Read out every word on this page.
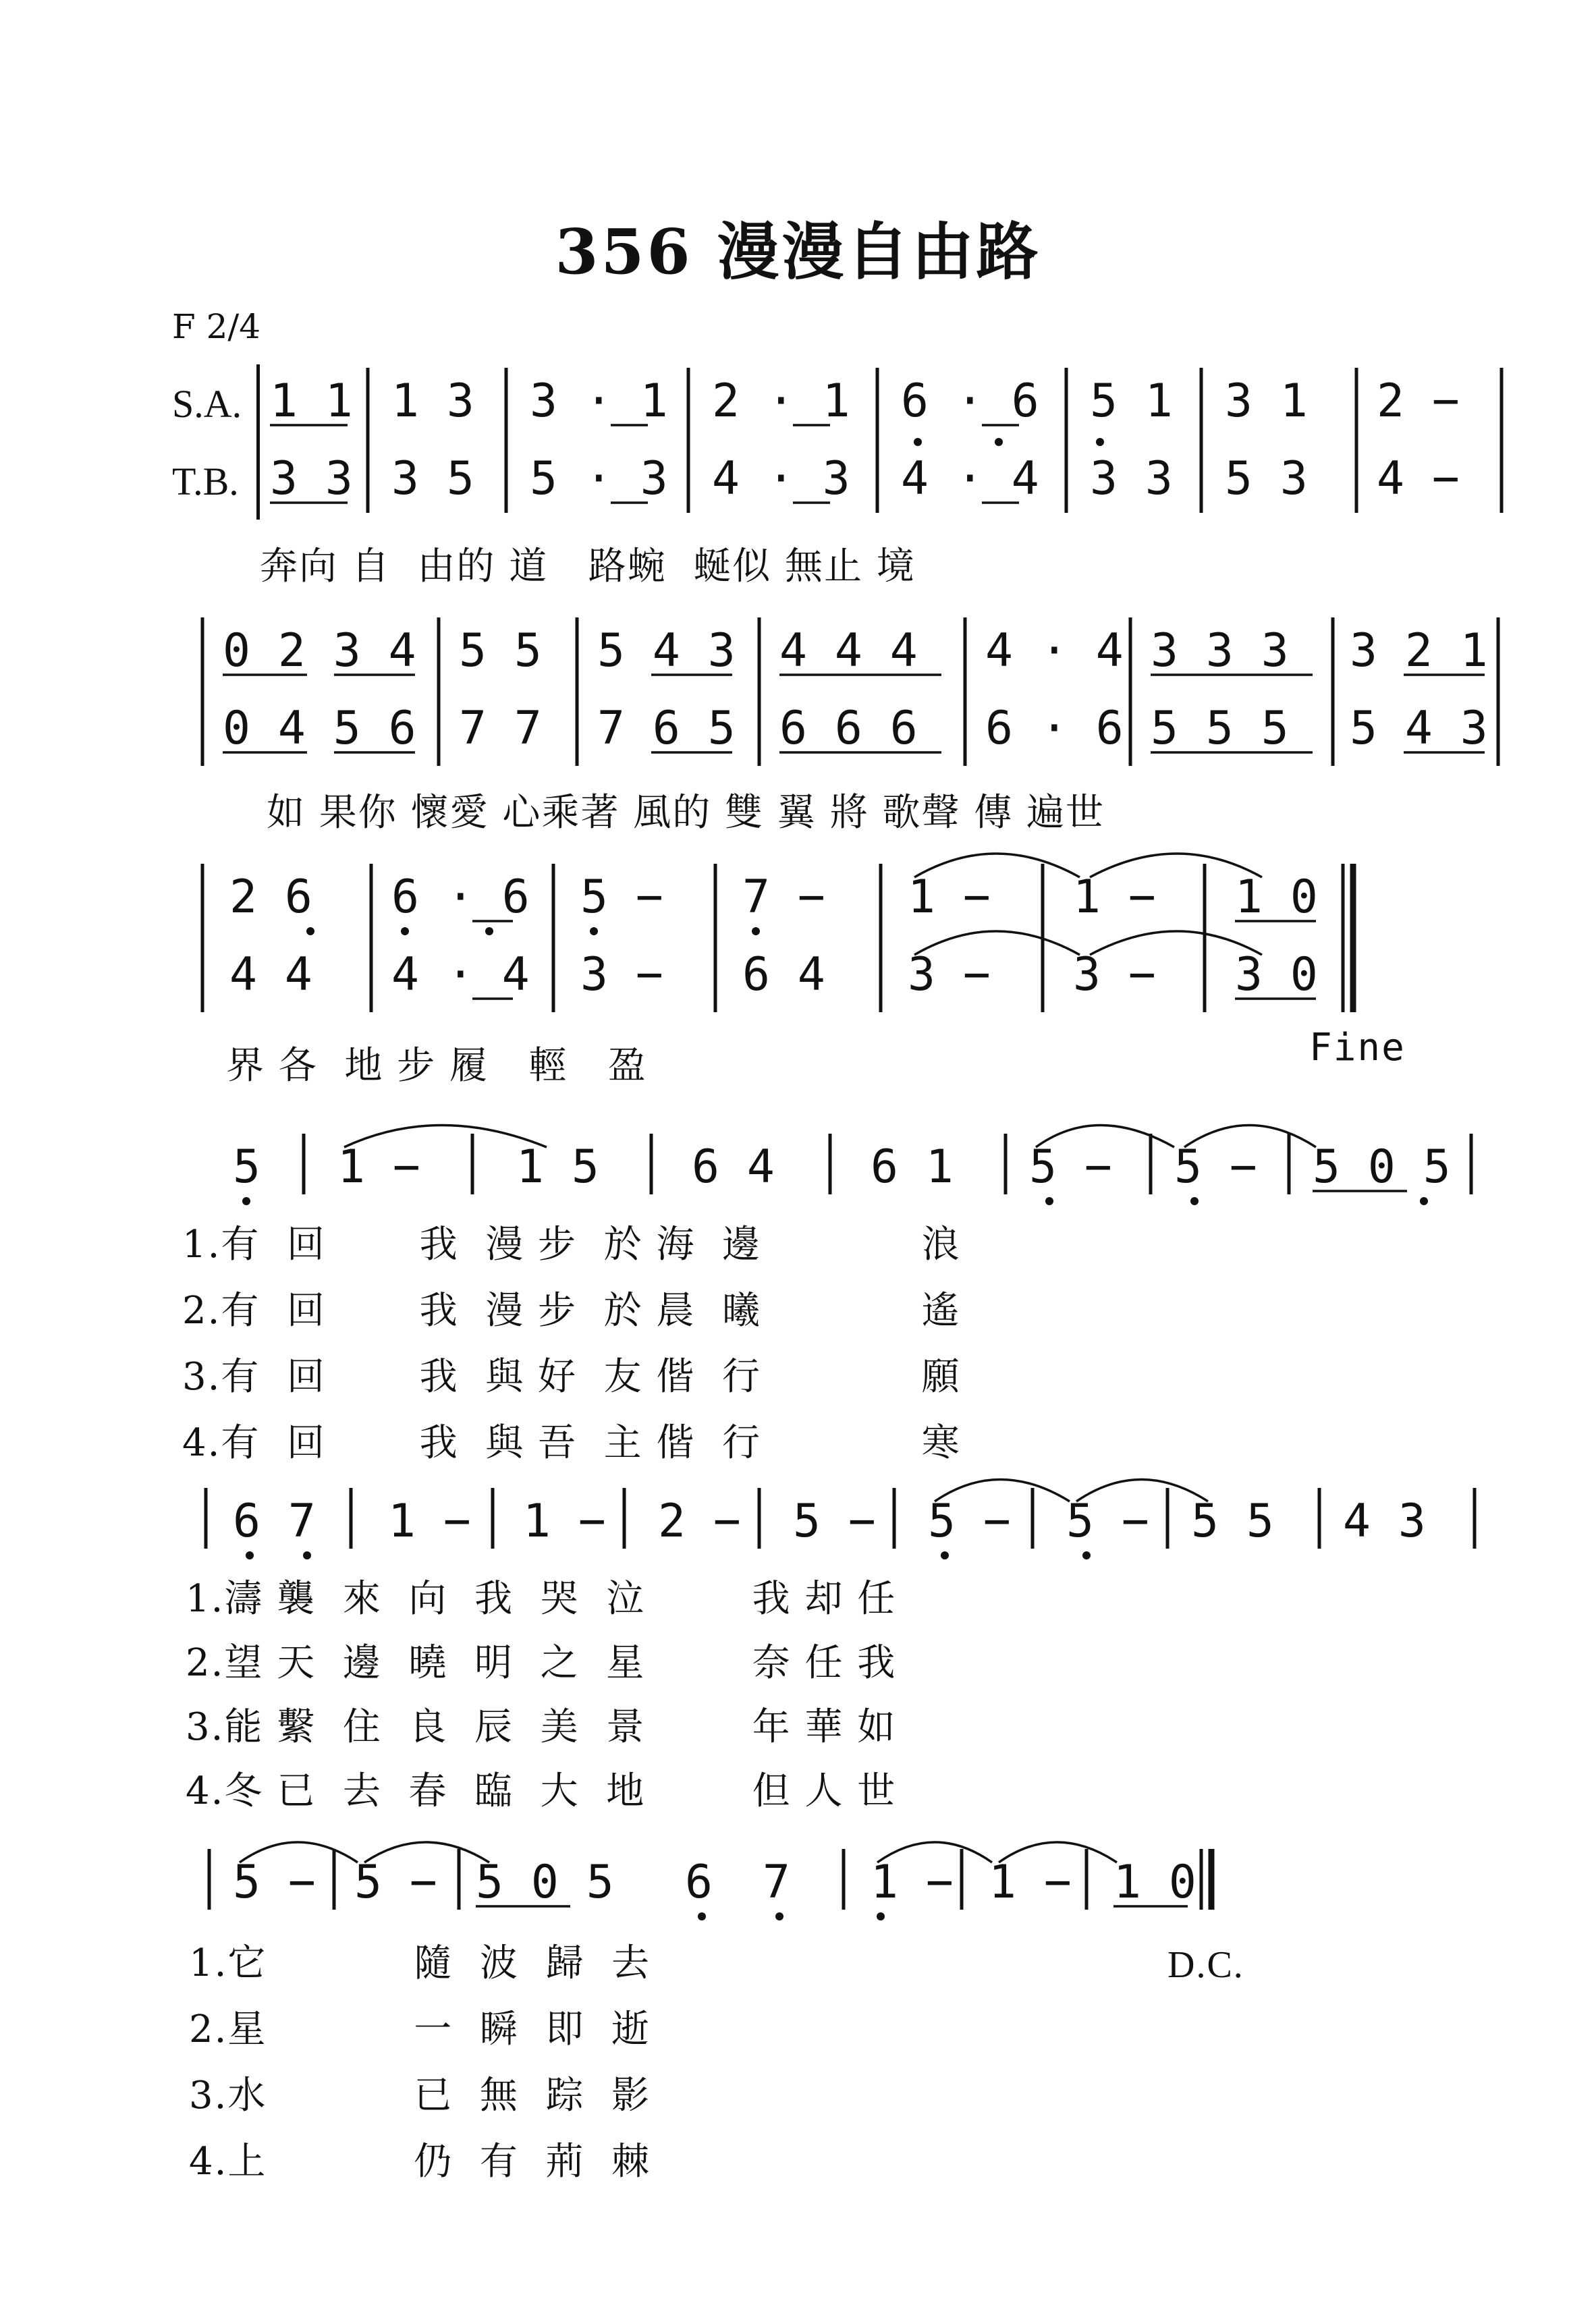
356 漫漫自由路
F 2/4
S.A.
T.B.
1 1 1 3 3 · 1 2 · 1 6 · 6 5 1 3 1 2 −
3 3 3 5 5 · 3 4 · 3 4 · 4 3 3 5 3 4 −
奔向 自  由的 道   路蜿  蜒似 無止 境
0 2 3 4 5 5 5 4 3 4 4 4 4 · 4 3 3 3 3 2 1
0 4 5 6 7 7 7 6 5 6 6 6 6 · 6 5 5 5 5 4 3
如 果你 懷愛 心乘著 風的 雙 翼 將 歌聲 傳 遍世
2 6 6 · 6 5 − 7 − 1 − 1 − 1 0
4 4 4 · 4 3 − 6 4 3 − 3 − 3 0
界 各  地 步 履   輕   盈	Fine
5 1 − 1 5 6 4 6 1 5 − 5 − 5 0 5
1.有  回       我  漫 步  於 海  邊            浪
2.有  回       我  漫 步  於 晨  曦            遙
3.有  回       我  與 好  友 偕  行            願
4.有  回       我  與 吾  主 偕  行            寒
6 7 1 − 1 − 2 − 5 − 5 − 5 − 5 5 4 3
1.濤 襲  來  向  我  哭  泣        我 却 任
2.望 天  邊  曉  明  之  星        奈 任 我
3.能 繫  住  良  辰  美  景        年 華 如
4.冬 已  去  春  臨  大  地        但 人 世
5 − 5 − 5 0 5 6 7 1 − 1 − 1 0
1.它           隨  波  歸  去
2.星           一  瞬  即  逝
3.水           已  無  踪  影
4.上           仍  有  荊  棘
D.C.
